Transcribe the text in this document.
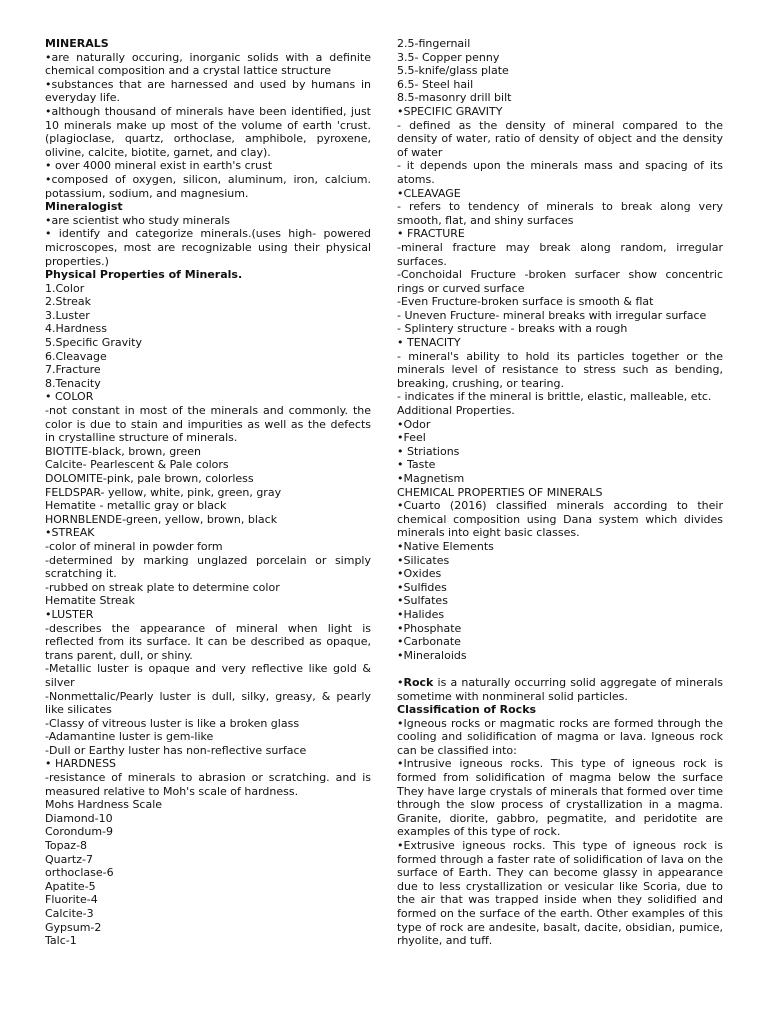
MINERALS

•are naturally occuring, inorganic solids with a definite chemical composition and a crystal lattice structure

•substances that are harnessed and used by humans in everyday life.

•although thousand of minerals have been identified, just 10 minerals make up most of the volume of earth 'crust. (plagioclase, quartz, orthoclase, amphibole, pyroxene, olivine, calcite, biotite, garnet, and clay).

• over 4000 mineral exist in earth's crust

•composed of oxygen, silicon, aluminum, iron, calcium. potassium, sodium, and magnesium.

Mineralogist

•are scientist who study minerals

• identify and categorize minerals.(uses high- powered microscopes, most are recognizable using their physical properties.)

Physical Properties of Minerals.
1.Color
2.Streak
3.Luster
4.Hardness
5.Specific Gravity
6.Cleavage
7.Fracture
8.Tenacity
• COLOR

-not constant in most of the minerals and commonly. the color is due to stain and impurities as well as the defects in crystalline structure of minerals.

BIOTITE-black, brown, green
Calcite- Pearlescent & Pale colors
DOLOMITE-pink, pale brown, colorless
FELDSPAR- yellow, white, pink, green, gray
Hematite - metallic gray or black
HORNBLENDE-green, yellow, brown, black
•STREAK

-color of mineral in powder form

-determined by marking unglazed porcelain or simply scratching it.

-rubbed on streak plate to determine color

Hematite Streak
•LUSTER

-describes the appearance of mineral when light is reflected from its surface. It can be described as opaque, trans parent, dull, or shiny.

-Metallic luster is opaque and very reflective like gold & silver

-Nonmettalic/Pearly luster is dull, silky, greasy, & pearly like silicates

-Classy of vitreous luster is like a broken glass

-Adamantine luster is gem-like

-Dull or Earthy luster has non-reflective surface

• HARDNESS

-resistance of minerals to abrasion or scratching. and is measured relative to Moh's scale of hardness.

Mohs Hardness Scale
Diamond-10
Corondum-9
Topaz-8
Quartz-7
orthoclase-6
Apatite-5
Fluorite-4
Calcite-3
Gypsum-2
Talc-1
2.5-fingernail
3.5- Copper penny
5.5-knife/glass plate
6.5- Steel hail
8.5-masonry drill bilt
•SPECIFIC GRAVITY

- defined as the density of mineral compared to the density of water, ratio of density of object and the density of water

- it depends upon the minerals mass and spacing of its atoms.

•CLEAVAGE

- refers to tendency of minerals to break along very smooth, flat, and shiny surfaces

• FRACTURE

-mineral fracture may break along random, irregular surfaces.

-Conchoidal Fructure -broken surfacer show concentric rings or curved surface

-Even Fructure-broken surface is smooth & flat

- Uneven Fructure- mineral breaks with irregular surface

- Splintery structure - breaks with a rough

• TENACITY

- mineral's ability to hold its particles together or the minerals level of resistance to stress such as bending, breaking, crushing, or tearing.

- indicates if the mineral is brittle, elastic, malleable, etc.

Additional Properties.
•Odor
•Feel
• Striations
• Taste
•Magnetism
CHEMICAL PROPERTIES OF MINERALS

•Cuarto (2016) classified minerals according to their chemical composition using Dana system which divides minerals into eight basic classes.

•Native Elements
•Silicates
•Oxides
•Sulfides
•Sulfates
•Halides
•Phosphate
•Carbonate
•Mineraloids

•Rock is a naturally occurring solid aggregate of minerals sometime with nonmineral solid particles.

Classification of Rocks

•Igneous rocks or magmatic rocks are formed through the cooling and solidification of magma or lava. Igneous rock can be classified into:

•Intrusive igneous rocks. This type of igneous rock is formed from solidification of magma below the surface They have large crystals of minerals that formed over time through the slow process of crystallization in a magma. Granite, diorite, gabbro, pegmatite, and peridotite are examples of this type of rock.

•Extrusive igneous rocks. This type of igneous rock is formed through a faster rate of solidification of lava on the surface of Earth. They can become glassy in appearance due to less crystallization or vesicular like Scoria, due to the air that was trapped inside when they solidified and formed on the surface of the earth. Other examples of this type of rock are andesite, basalt, dacite, obsidian, pumice, rhyolite, and tuff.
